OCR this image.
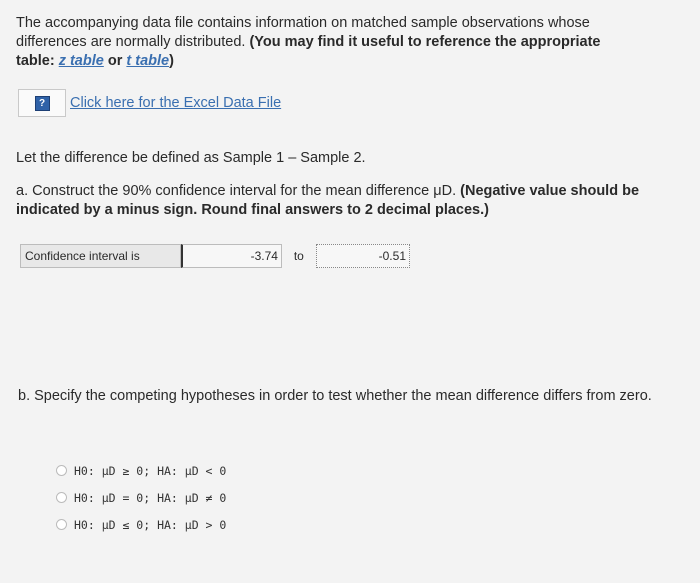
The accompanying data file contains information on matched sample observations whose differences are normally distributed. (You may find it useful to reference the appropriate table: z table or t table)
?	Click here for the Excel Data File
Let the difference be defined as Sample 1 – Sample 2.
a. Construct the 90% confidence interval for the mean difference μD. (Negative value should be indicated by a minus sign. Round final answers to 2 decimal places.)
Confidence interval is	-3.74	to	-0.51
b. Specify the competing hypotheses in order to test whether the mean difference differs from zero.
H0: μD ≥ 0; HA: μD < 0
H0: μD = 0; HA: μD ≠ 0
H0: μD ≤ 0; HA: μD > 0
